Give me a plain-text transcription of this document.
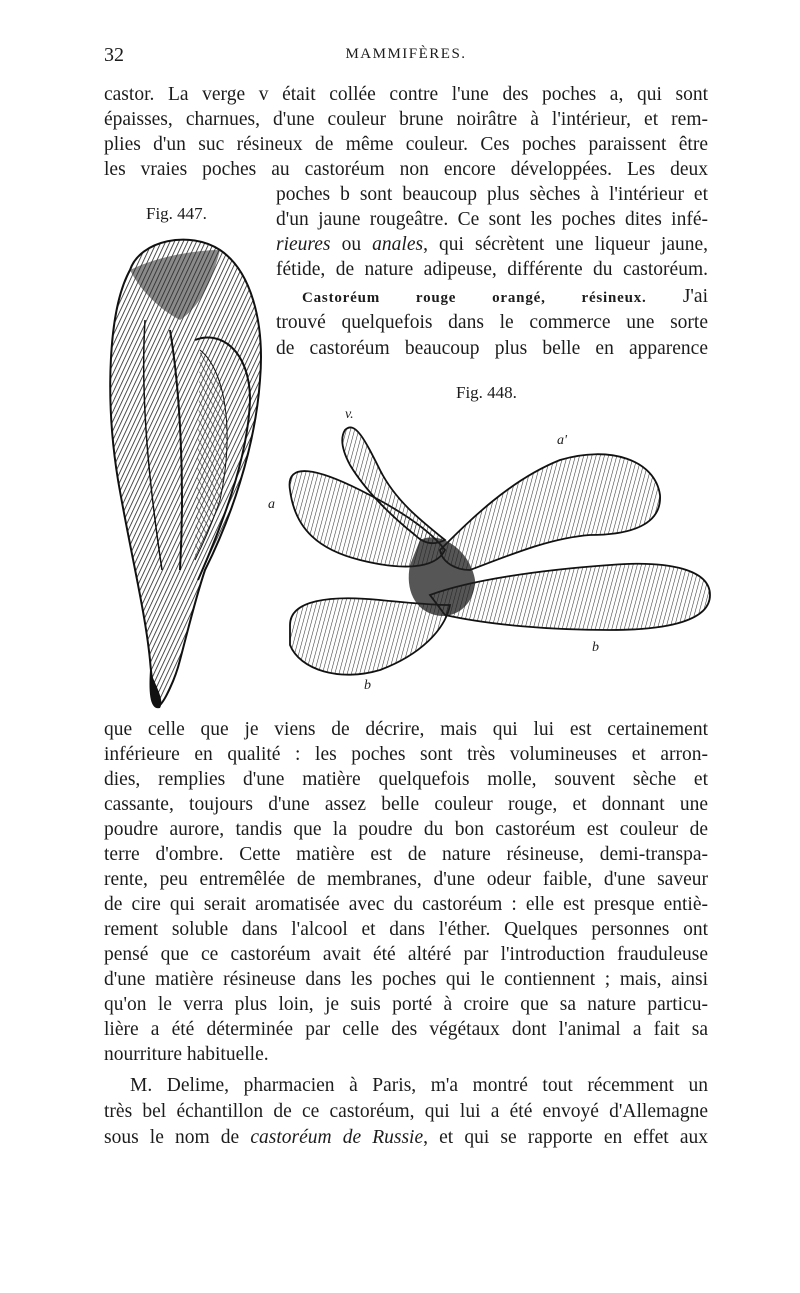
32	MAMMIFÈRES.
castor. La verge v était collée contre l'une des poches a, qui sont
épaisses, charnues, d'une couleur brune noirâtre à l'intérieur, et rem-
plies d'un suc résineux de même couleur. Ces poches paraissent être
les vraies poches au castoréum non encore développées. Les deux
poches b sont beaucoup plus sèches à l'intérieur et
d'un jaune rougeâtre. Ce sont les poches dites infé-
rieures ou anales, qui sécrètent une liqueur jaune,
fétide, de nature adipeuse, différente du castoréum.
Castoréum rouge orangé, résineux. J'ai
trouvé quelquefois dans le commerce une sorte
de castoréum beaucoup plus belle en apparence
Fig. 447.
Fig. 448.
v.
a'
a
b
b
que celle que je viens de décrire, mais qui lui est certainement
inférieure en qualité : les poches sont très volumineuses et arron-
dies, remplies d'une matière quelquefois molle, souvent sèche et
cassante, toujours d'une assez belle couleur rouge, et donnant une
poudre aurore, tandis que la poudre du bon castoréum est couleur de
terre d'ombre. Cette matière est de nature résineuse, demi-transpa-
rente, peu entremêlée de membranes, d'une odeur faible, d'une saveur
de cire qui serait aromatisée avec du castoréum : elle est presque entiè-
rement soluble dans l'alcool et dans l'éther. Quelques personnes ont
pensé que ce castoréum avait été altéré par l'introduction frauduleuse
d'une matière résineuse dans les poches qui le contiennent ; mais, ainsi
qu'on le verra plus loin, je suis porté à croire que sa nature particu-
lière a été déterminée par celle des végétaux dont l'animal a fait sa
nourriture habituelle.
M. Delime, pharmacien à Paris, m'a montré tout récemment un
très bel échantillon de ce castoréum, qui lui a été envoyé d'Allemagne
sous le nom de castoréum de Russie, et qui se rapporte en effet aux
